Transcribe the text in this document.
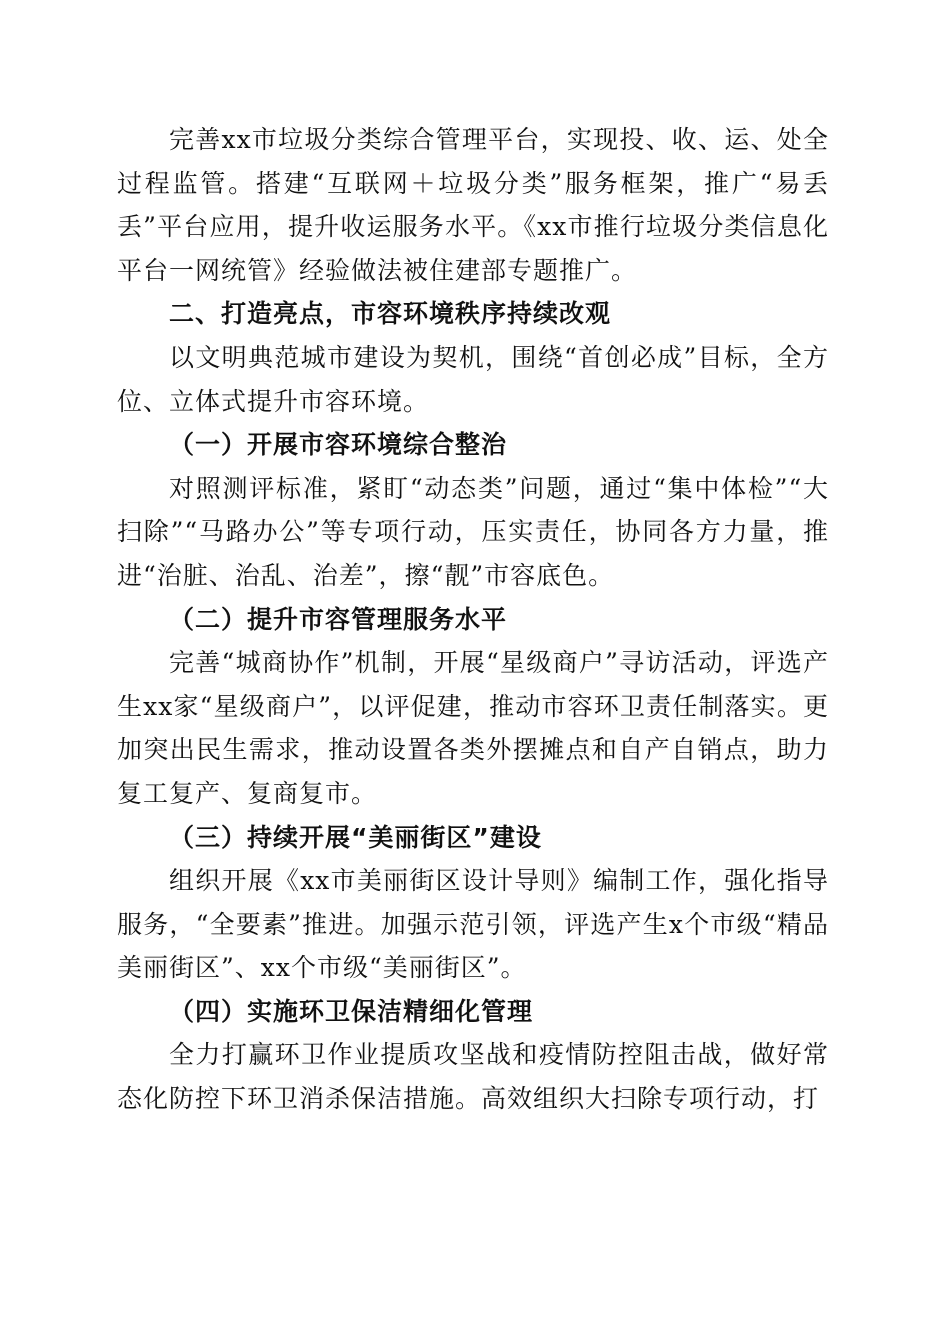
完善xx市垃圾分类综合管理平台，实现投、收、运、处全过程监管。搭建“互联网＋垃圾分类”服务框架，推广“易丢丢”平台应用，提升收运服务水平。《xx市推行垃圾分类信息化平台一网统管》经验做法被住建部专题推广。

二、打造亮点，市容环境秩序持续改观

以文明典范城市建设为契机，围绕“首创必成”目标，全方位、立体式提升市容环境。

（一）开展市容环境综合整治

对照测评标准，紧盯“动态类”问题，通过“集中体检”“大扫除”“马路办公”等专项行动，压实责任，协同各方力量，推进“治脏、治乱、治差”，擦“靓”市容底色。

（二）提升市容管理服务水平

完善“城商协作”机制，开展“星级商户”寻访活动，评选产生xx家“星级商户”，以评促建，推动市容环卫责任制落实。更加突出民生需求，推动设置各类外摆摊点和自产自销点，助力复工复产、复商复市。

（三）持续开展“美丽街区”建设

组织开展《xx市美丽街区设计导则》编制工作，强化指导服务，“全要素”推进。加强示范引领，评选产生x个市级“精品美丽街区”、xx个市级“美丽街区”。

（四）实施环卫保洁精细化管理

全力打赢环卫作业提质攻坚战和疫情防控阻击战，做好常态化防控下环卫消杀保洁措施。高效组织大扫除专项行动，打
